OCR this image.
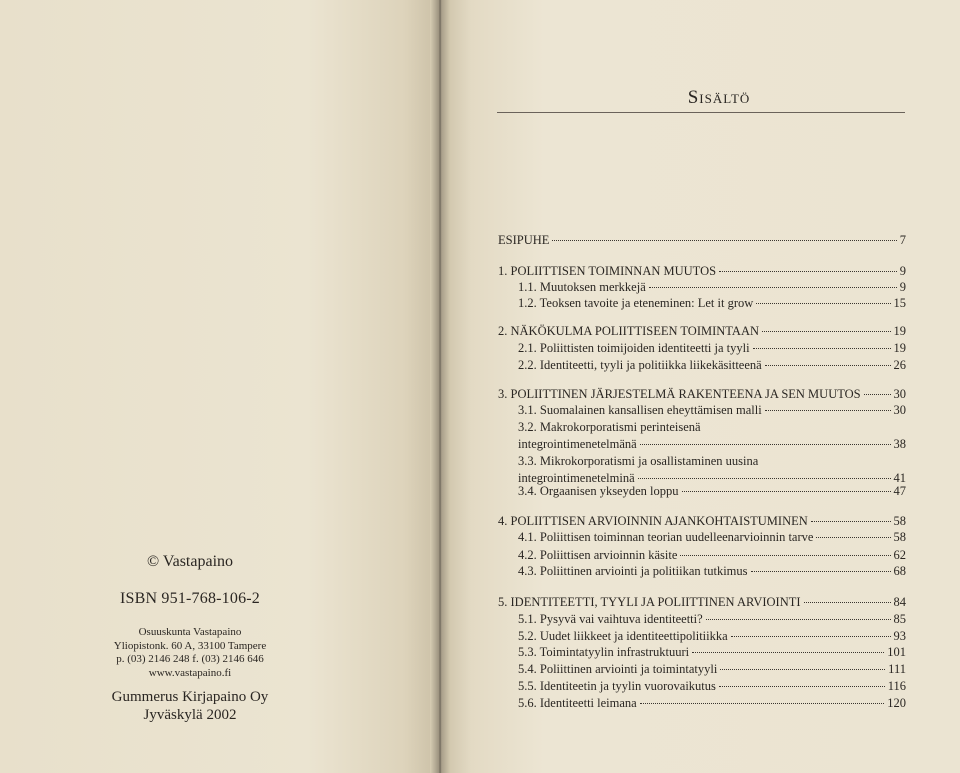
© Vastapaino
ISBN 951-768-106-2
Osuuskunta Vastapaino
Yliopistonk. 60 A, 33100 Tampere
p. (03) 2146 248 f. (03) 2146 646
www.vastapaino.fi
Gummerus Kirjapaino Oy
Jyväskylä 2002
Sisältö
ESIPUHE	7
1. POLIITTISEN TOIMINNAN MUUTOS	9
1.1. Muutoksen merkkejä	9
1.2. Teoksen tavoite ja eteneminen: Let it grow	15
2. NÄKÖKULMA POLIITTISEEN TOIMINTAAN	19
2.1. Poliittisten toimijoiden identiteetti ja tyyli	19
2.2. Identiteetti, tyyli ja politiikka liikekäsitteenä	26
3. POLIITTINEN JÄRJESTELMÄ RAKENTEENA JA SEN MUUTOS	30
3.1. Suomalainen kansallisen eheyttämisen malli	30
3.2. Makrokorporatismi perinteisenä
integrointimenetelmänä	38
3.3. Mikrokorporatismi ja osallistaminen uusina
integrointimenetelminä	41
3.4. Orgaanisen ykseyden loppu	47
4. POLIITTISEN ARVIOINNIN AJANKOHTAISTUMINEN	58
4.1. Poliittisen toiminnan teorian uudelleenarvioinnin tarve	58
4.2. Poliittisen arvioinnin käsite	62
4.3. Poliittinen arviointi ja politiikan tutkimus	68
5. IDENTITEETTI, TYYLI JA POLIITTINEN ARVIOINTI	84
5.1. Pysyvä vai vaihtuva identiteetti?	85
5.2. Uudet liikkeet ja identiteettipolitiikka	93
5.3. Toimintatyylin infrastruktuuri	101
5.4. Poliittinen arviointi ja toimintatyyli	111
5.5. Identiteetin ja tyylin vuorovaikutus	116
5.6. Identiteetti leimana	120
